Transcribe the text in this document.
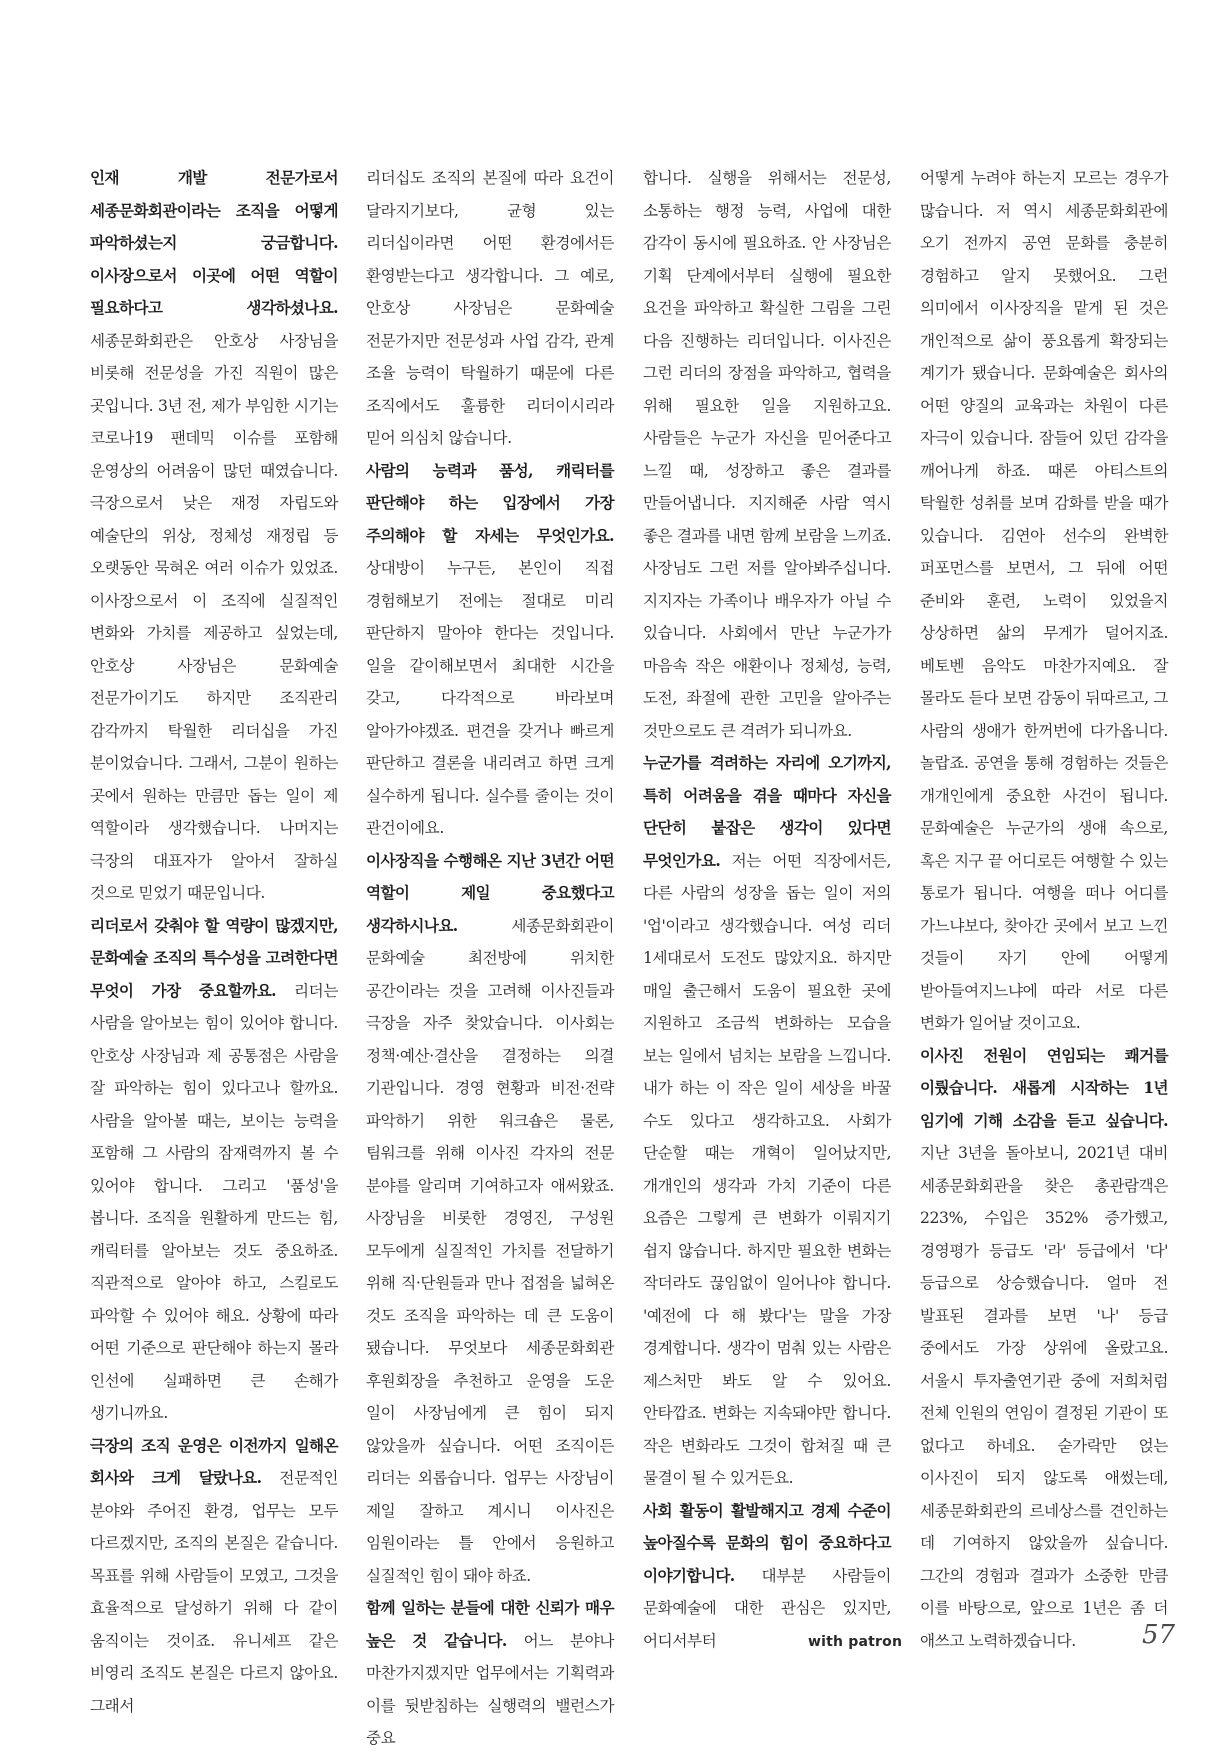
인재 개발 전문가로서 세종문화회관이라는 조직을 어떻게 파악하셨는지 궁금합니다. 이사장으로서 이곳에 어떤 역할이 필요하다고 생각하셨나요. 세종문화회관은 안호상 사장님을 비롯해 전문성을 가진 직원이 많은 곳입니다. 3년 전, 제가 부임한 시기는 코로나19 팬데믹 이슈를 포함해 운영상의 어려움이 많던 때였습니다. 극장으로서 낮은 재정 자립도와 예술단의 위상, 정체성 재정립 등 오랫동안 묵혀온 여러 이슈가 있었죠. 이사장으로서 이 조직에 실질적인 변화와 가치를 제공하고 싶었는데, 안호상 사장님은 문화예술 전문가이기도 하지만 조직관리 감각까지 탁월한 리더십을 가진 분이었습니다. 그래서, 그분이 원하는 곳에서 원하는 만큼만 돕는 일이 제 역할이라 생각했습니다. 나머지는 극장의 대표자가 알아서 잘하실 것으로 믿었기 때문입니다.

리더로서 갖춰야 할 역량이 많겠지만, 문화예술 조직의 특수성을 고려한다면 무엇이 가장 중요할까요. 리더는 사람을 알아보는 힘이 있어야 합니다. 안호상 사장님과 제 공통점은 사람을 잘 파악하는 힘이 있다고나 할까요. 사람을 알아볼 때는, 보이는 능력을 포함해 그 사람의 잠재력까지 볼 수 있어야 합니다. 그리고 '품성'을 봅니다. 조직을 원활하게 만드는 힘, 캐릭터를 알아보는 것도 중요하죠. 직관적으로 알아야 하고, 스킬로도 파악할 수 있어야 해요. 상황에 따라 어떤 기준으로 판단해야 하는지 몰라 인선에 실패하면 큰 손해가 생기니까요.

극장의 조직 운영은 이전까지 일해온 회사와 크게 달랐나요. 전문적인 분야와 주어진 환경, 업무는 모두 다르겠지만, 조직의 본질은 같습니다. 목표를 위해 사람들이 모였고, 그것을 효율적으로 달성하기 위해 다 같이 움직이는 것이죠. 유니세프 같은 비영리 조직도 본질은 다르지 않아요. 그래서

리더십도 조직의 본질에 따라 요건이 달라지기보다, 균형 있는 리더십이라면 어떤 환경에서든 환영받는다고 생각합니다. 그 예로, 안호상 사장님은 문화예술 전문가지만 전문성과 사업 감각, 관계 조율 능력이 탁월하기 때문에 다른 조직에서도 훌륭한 리더이시리라 믿어 의심치 않습니다.

사람의 능력과 품성, 캐릭터를 판단해야 하는 입장에서 가장 주의해야 할 자세는 무엇인가요. 상대방이 누구든, 본인이 직접 경험해보기 전에는 절대로 미리 판단하지 말아야 한다는 것입니다. 일을 같이해보면서 최대한 시간을 갖고, 다각적으로 바라보며 알아가야겠죠. 편견을 갖거나 빠르게 판단하고 결론을 내리려고 하면 크게 실수하게 됩니다. 실수를 줄이는 것이 관건이에요.

이사장직을 수행해온 지난 3년간 어떤 역할이 제일 중요했다고 생각하시나요. 세종문화회관이 문화예술 최전방에 위치한 공간이라는 것을 고려해 이사진들과 극장을 자주 찾았습니다. 이사회는 정책·예산·결산을 결정하는 의결 기관입니다. 경영 현황과 비전·전략 파악하기 위한 워크숍은 물론, 팀워크를 위해 이사진 각자의 전문 분야를 알리며 기여하고자 애써왔죠. 사장님을 비롯한 경영진, 구성원 모두에게 실질적인 가치를 전달하기 위해 직·단원들과 만나 접점을 넓혀온 것도 조직을 파악하는 데 큰 도움이 됐습니다. 무엇보다 세종문화회관 후원회장을 추천하고 운영을 도운 일이 사장님에게 큰 힘이 되지 않았을까 싶습니다. 어떤 조직이든 리더는 외롭습니다. 업무는 사장님이 제일 잘하고 계시니 이사진은 임원이라는 틀 안에서 응원하고 실질적인 힘이 돼야 하죠.

함께 일하는 분들에 대한 신뢰가 매우 높은 것 같습니다. 어느 분야나 마찬가지겠지만 업무에서는 기획력과 이를 뒷받침하는 실행력의 밸런스가 중요

합니다. 실행을 위해서는 전문성, 소통하는 행정 능력, 사업에 대한 감각이 동시에 필요하죠. 안 사장님은 기획 단계에서부터 실행에 필요한 요건을 파악하고 확실한 그림을 그린 다음 진행하는 리더입니다. 이사진은 그런 리더의 장점을 파악하고, 협력을 위해 필요한 일을 지원하고요. 사람들은 누군가 자신을 믿어준다고 느낄 때, 성장하고 좋은 결과를 만들어냅니다. 지지해준 사람 역시 좋은 결과를 내면 함께 보람을 느끼죠. 사장님도 그런 저를 알아봐주십니다. 지지자는 가족이나 배우자가 아닐 수 있습니다. 사회에서 만난 누군가가 마음속 작은 애환이나 정체성, 능력, 도전, 좌절에 관한 고민을 알아주는 것만으로도 큰 격려가 되니까요.

누군가를 격려하는 자리에 오기까지, 특히 어려움을 겪을 때마다 자신을 단단히 붙잡은 생각이 있다면 무엇인가요. 저는 어떤 직장에서든, 다른 사람의 성장을 돕는 일이 저의 '업'이라고 생각했습니다. 여성 리더 1세대로서 도전도 많았지요. 하지만 매일 출근해서 도움이 필요한 곳에 지원하고 조금씩 변화하는 모습을 보는 일에서 넘치는 보람을 느낍니다. 내가 하는 이 작은 일이 세상을 바꿀 수도 있다고 생각하고요. 사회가 단순할 때는 개혁이 일어났지만, 개개인의 생각과 가치 기준이 다른 요즘은 그렇게 큰 변화가 이뤄지기 쉽지 않습니다. 하지만 필요한 변화는 작더라도 끊임없이 일어나야 합니다. '예전에 다 해 봤다'는 말을 가장 경계합니다. 생각이 멈춰 있는 사람은 제스처만 봐도 알 수 있어요. 안타깝죠. 변화는 지속돼야만 합니다. 작은 변화라도 그것이 합쳐질 때 큰 물결이 될 수 있거든요.

사회 활동이 활발해지고 경제 수준이 높아질수록 문화의 힘이 중요하다고 이야기합니다. 대부분 사람들이 문화예술에 대한 관심은 있지만, 어디서부터

어떻게 누려야 하는지 모르는 경우가 많습니다. 저 역시 세종문화회관에 오기 전까지 공연 문화를 충분히 경험하고 알지 못했어요. 그런 의미에서 이사장직을 맡게 된 것은 개인적으로 삶이 풍요롭게 확장되는 계기가 됐습니다. 문화예술은 회사의 어떤 양질의 교육과는 차원이 다른 자극이 있습니다. 잠들어 있던 감각을 깨어나게 하죠. 때론 아티스트의 탁월한 성취를 보며 감화를 받을 때가 있습니다. 김연아 선수의 완벽한 퍼포먼스를 보면서, 그 뒤에 어떤 준비와 훈련, 노력이 있었을지 상상하면 삶의 무게가 덜어지죠. 베토벤 음악도 마찬가지예요. 잘 몰라도 듣다 보면 감동이 뒤따르고, 그 사람의 생애가 한꺼번에 다가옵니다. 놀랍죠. 공연을 통해 경험하는 것들은 개개인에게 중요한 사건이 됩니다. 문화예술은 누군가의 생애 속으로, 혹은 지구 끝 어디로든 여행할 수 있는 통로가 됩니다. 여행을 떠나 어디를 가느냐보다, 찾아간 곳에서 보고 느낀 것들이 자기 안에 어떻게 받아들여지느냐에 따라 서로 다른 변화가 일어날 것이고요.

이사진 전원이 연임되는 쾌거를 이뤘습니다. 새롭게 시작하는 1년 임기에 기해 소감을 듣고 싶습니다. 지난 3년을 돌아보니, 2021년 대비 세종문화회관을 찾은 총관람객은 223%, 수입은 352% 증가했고, 경영평가 등급도 '라' 등급에서 '다' 등급으로 상승했습니다. 얼마 전 발표된 결과를 보면 '나' 등급 중에서도 가장 상위에 올랐고요. 서울시 투자출연기관 중에 저희처럼 전체 인원의 연임이 결정된 기관이 또 없다고 하네요. 숟가락만 얹는 이사진이 되지 않도록 애썼는데, 세종문화회관의 르네상스를 견인하는 데 기여하지 않았을까 싶습니다. 그간의 경험과 결과가 소중한 만큼 이를 바탕으로, 앞으로 1년은 좀 더 애쓰고 노력하겠습니다.

with patron	57
